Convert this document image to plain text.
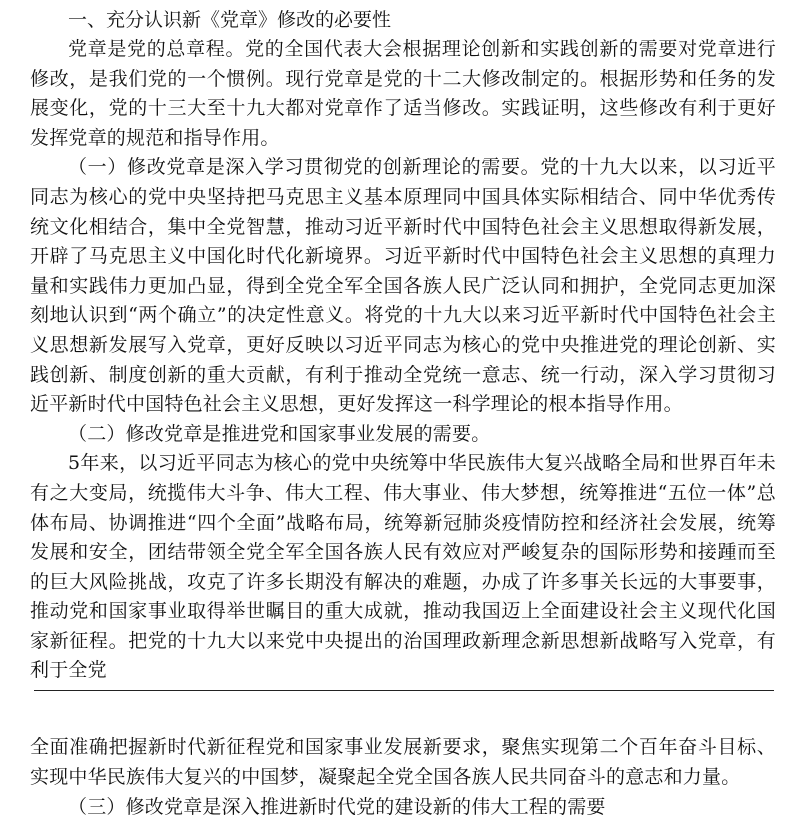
一、充分认识新《党章》修改的必要性

党章是党的总章程。党的全国代表大会根据理论创新和实践创新的需要对党章进行修改，是我们党的一个惯例。现行党章是党的十二大修改制定的。根据形势和任务的发展变化，党的十三大至十九大都对党章作了适当修改。实践证明，这些修改有利于更好发挥党章的规范和指导作用。

（一）修改党章是深入学习贯彻党的创新理论的需要。党的十九大以来，以习近平同志为核心的党中央坚持把马克思主义基本原理同中国具体实际相结合、同中华优秀传统文化相结合，集中全党智慧，推动习近平新时代中国特色社会主义思想取得新发展，开辟了马克思主义中国化时代化新境界。习近平新时代中国特色社会主义思想的真理力量和实践伟力更加凸显，得到全党全军全国各族人民广泛认同和拥护，全党同志更加深刻地认识到“两个确立”的决定性意义。将党的十九大以来习近平新时代中国特色社会主义思想新发展写入党章，更好反映以习近平同志为核心的党中央推进党的理论创新、实践创新、制度创新的重大贡献，有利于推动全党统一意志、统一行动，深入学习贯彻习近平新时代中国特色社会主义思想，更好发挥这一科学理论的根本指导作用。

（二）修改党章是推进党和国家事业发展的需要。

5年来，以习近平同志为核心的党中央统筹中华民族伟大复兴战略全局和世界百年未有之大变局，统揽伟大斗争、伟大工程、伟大事业、伟大梦想，统筹推进“五位一体”总体布局、协调推进“四个全面”战略布局，统筹新冠肺炎疫情防控和经济社会发展，统筹发展和安全，团结带领全党全军全国各族人民有效应对严峻复杂的国际形势和接踵而至的巨大风险挑战，攻克了许多长期没有解决的难题，办成了许多事关长远的大事要事，推动党和国家事业取得举世瞩目的重大成就，推动我国迈上全面建设社会主义现代化国家新征程。把党的十九大以来党中央提出的治国理政新理念新思想新战略写入党章，有利于全党

全面准确把握新时代新征程党和国家事业发展新要求，聚焦实现第二个百年奋斗目标、实现中华民族伟大复兴的中国梦，凝聚起全党全国各族人民共同奋斗的意志和力量。

（三）修改党章是深入推进新时代党的建设新的伟大工程的需要
